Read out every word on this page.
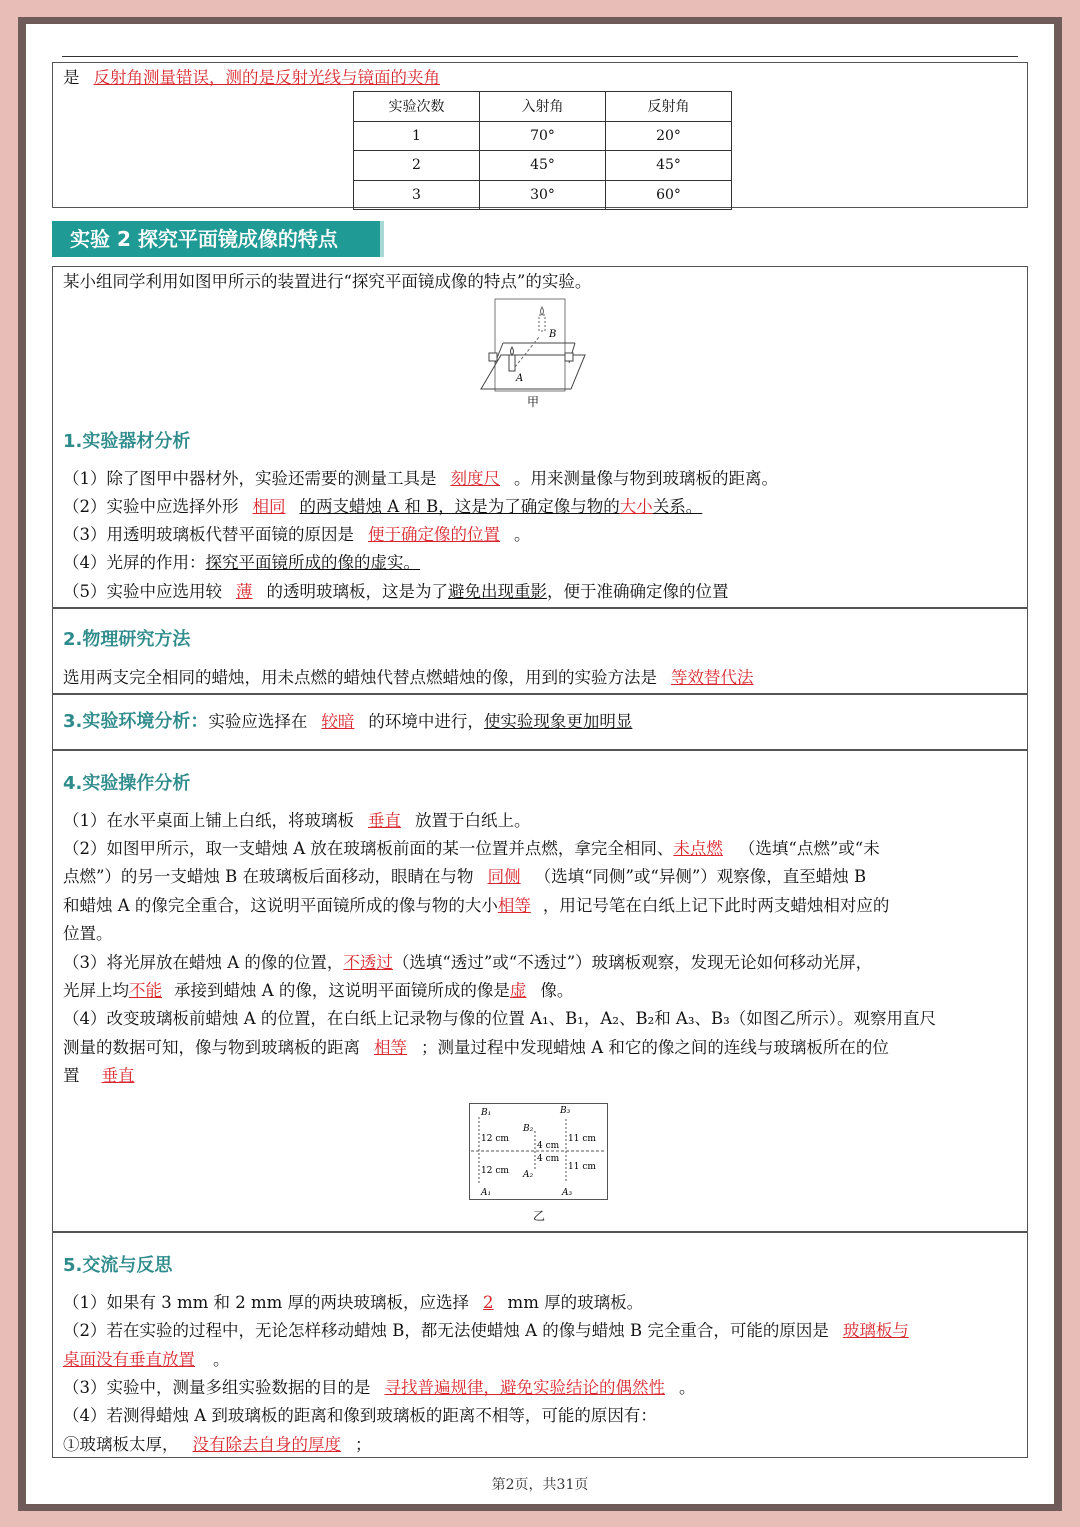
是 反射角测量错误，测的是反射光线与镜面的夹角
实验次数	入射角	反射角
1	70°	20°
2	45°	45°
3	30°	60°
实验 2 探究平面镜成像的特点
某小组同学利用如图甲所示的装置进行“探究平面镜成像的特点”的实验。
A
B
甲
1.实验器材分析
（1）除了图甲中器材外，实验还需要的测量工具是 刻度尺 。用来测量像与物到玻璃板的距离。
（2）实验中应选择外形 相同 的两支蜡烛 A 和 B，这是为了确定像与物的大小关系。
（3）用透明玻璃板代替平面镜的原因是 便于确定像的位置 。
（4）光屏的作用：探究平面镜所成的像的虚实。
（5）实验中应选用较 薄 的透明玻璃板，这是为了避免出现重影，便于准确确定像的位置
2.物理研究方法
选用两支完全相同的蜡烛，用未点燃的蜡烛代替点燃蜡烛的像，用到的实验方法是 等效替代法
3.实验环境分析：实验应选择在 较暗 的环境中进行，使实验现象更加明显
4.实验操作分析
（1）在水平桌面上铺上白纸，将玻璃板 垂直 放置于白纸上。
（2）如图甲所示，取一支蜡烛 A 放在玻璃板前面的某一位置并点燃，拿完全相同、未点燃 （选填“点燃”或“未
点燃”）的另一支蜡烛 B 在玻璃板后面移动，眼睛在与物 同侧 （选填“同侧”或“异侧”）观察像，直至蜡烛 B
和蜡烛 A 的像完全重合，这说明平面镜所成的像与物的大小相等 ，用记号笔在白纸上记下此时两支蜡烛相对应的
位置。
（3）将光屏放在蜡烛 A 的像的位置，不透过（选填“透过”或“不透过”）玻璃板观察，发现无论如何移动光屏，
光屏上均不能 承接到蜡烛 A 的像，这说明平面镜所成的像是虚 像。
（4）改变玻璃板前蜡烛 A 的位置，在白纸上记录物与像的位置 A₁、B₁，A₂、B₂和 A₃、B₃（如图乙所示）。观察用直尺
测量的数据可知，像与物到玻璃板的距离 相等 ；测量过程中发现蜡烛 A 和它的像之间的连线与玻璃板所在的位
置 垂直
B₁
B₂
B₃
A₁
A₂
A₃
12 cm
12 cm
4 cm
4 cm
11 cm
11 cm
乙
5.交流与反思
（1）如果有 3 mm 和 2 mm 厚的两块玻璃板，应选择 2 mm 厚的玻璃板。
（2）若在实验的过程中，无论怎样移动蜡烛 B，都无法使蜡烛 A 的像与蜡烛 B 完全重合，可能的原因是 玻璃板与
桌面没有垂直放置 。
（3）实验中，测量多组实验数据的目的是 寻找普遍规律，避免实验结论的偶然性 。
（4）若测得蜡烛 A 到玻璃板的距离和像到玻璃板的距离不相等，可能的原因有：
①玻璃板太厚， 没有除去自身的厚度 ；
第2页，共31页
